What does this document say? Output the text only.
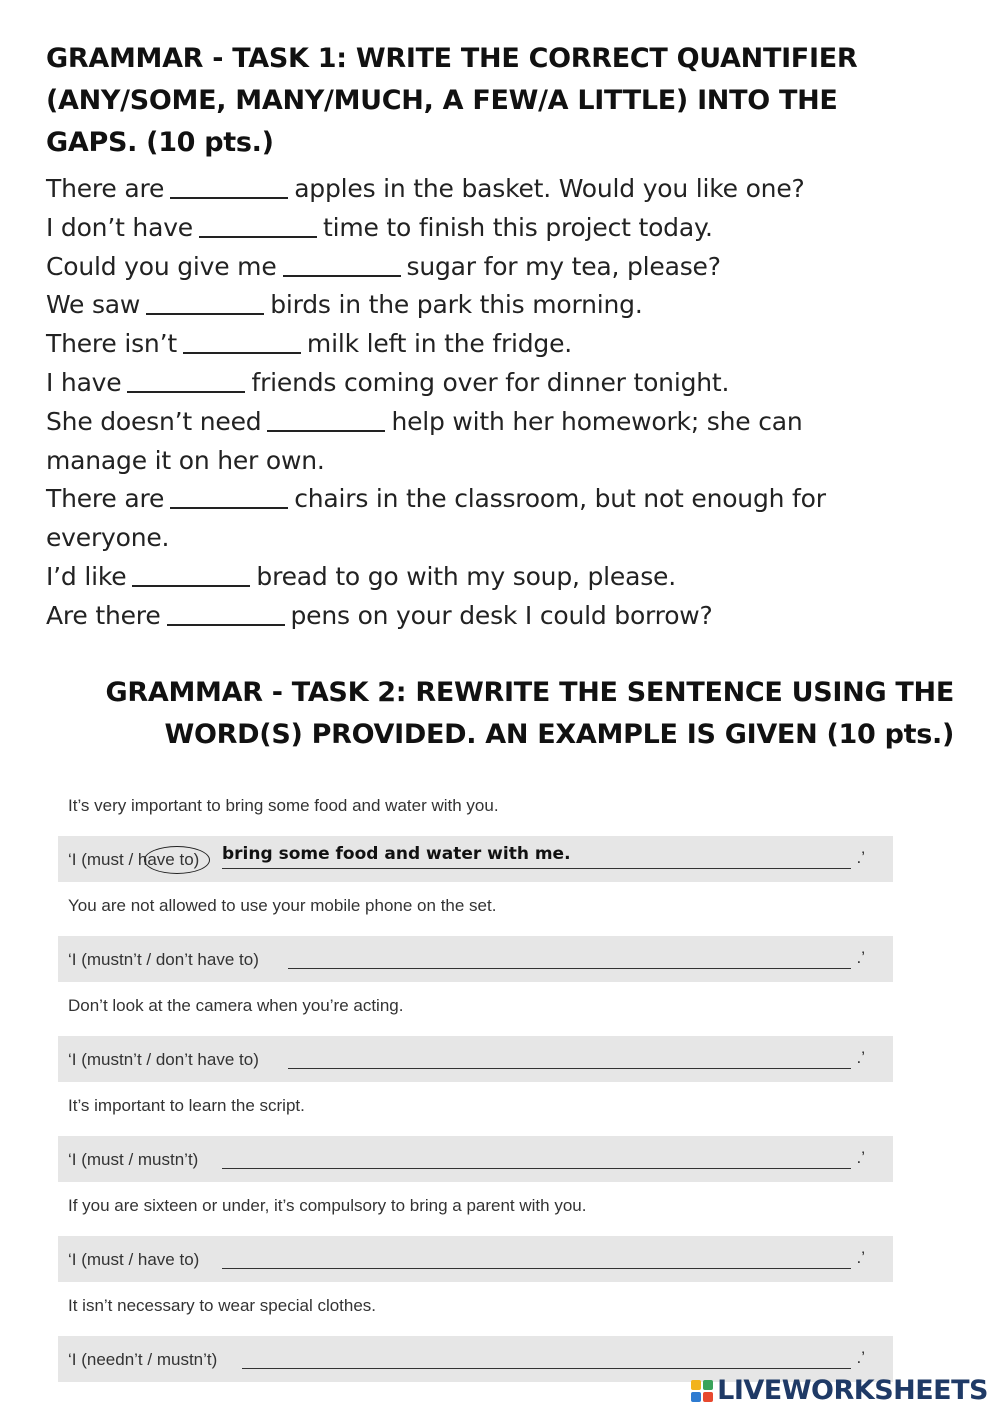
GRAMMAR - TASK 1: WRITE THE CORRECT QUANTIFIER
(ANY/SOME, MANY/MUCH, A FEW/A LITTLE) INTO THE
GAPS. (10 pts.)
There are	apples in the basket. Would you like one?
I don’t have	time to finish this project today.
Could you give me	sugar for my tea, please?
We saw	birds in the park this morning.
There isn’t	milk left in the fridge.
I have	friends coming over for dinner tonight.
She doesn’t need	help with her homework; she can
manage it on her own.
There are	chairs in the classroom, but not enough for
everyone.
I’d like	bread to go with my soup, please.
Are there	pens on your desk I could borrow?
GRAMMAR - TASK 2: REWRITE THE SENTENCE USING THE
WORD(S) PROVIDED. AN EXAMPLE IS GIVEN (10 pts.)
It’s very important to bring some food and water with you.
‘I (must / have to) bring some food and water with me.	.’
You are not allowed to use your mobile phone on the set.
‘I (mustn’t / don’t have to)	.’
Don’t look at the camera when you’re acting.
‘I (mustn’t / don’t have to)	.’
It’s important to learn the script.
‘I (must / mustn’t)	.’
If you are sixteen or under, it’s compulsory to bring a parent with you.
‘I (must / have to)	.’
It isn’t necessary to wear special clothes.
‘I (needn’t / mustn’t)	.’
LIVEWORKSHEETS
